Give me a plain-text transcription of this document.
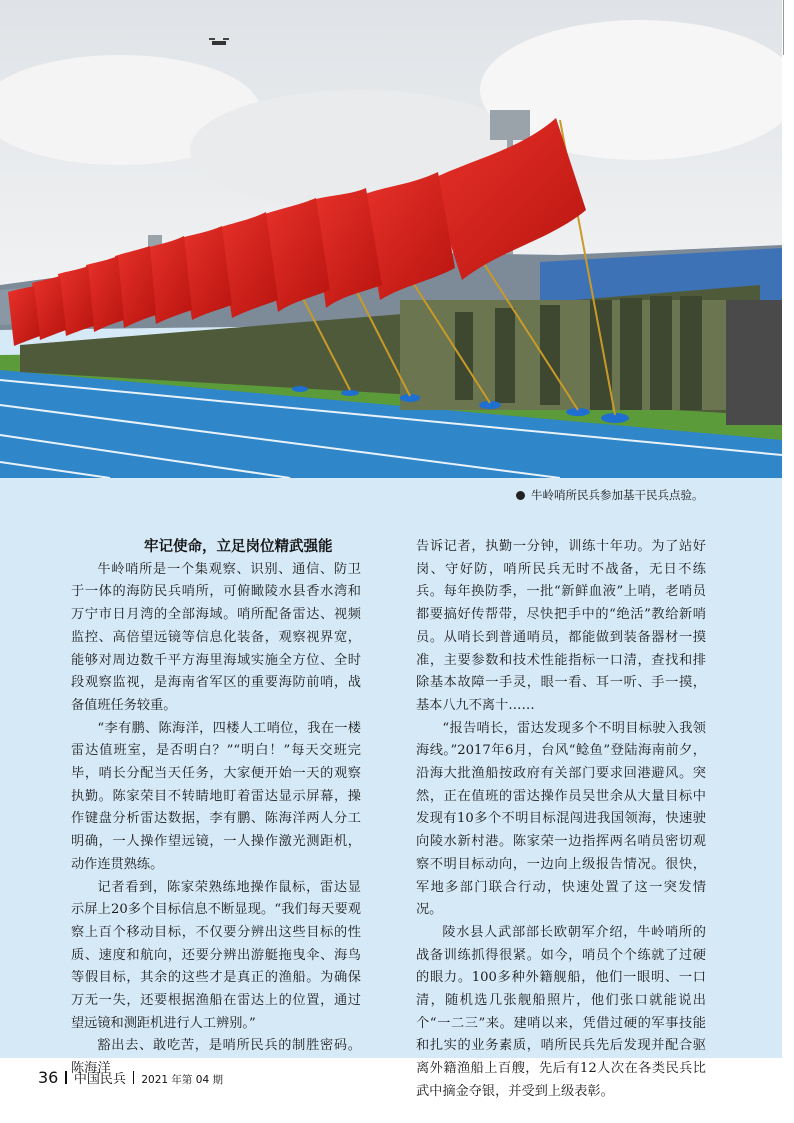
牛岭哨所民兵参加基干民兵点验。

牢记使命，立足岗位精武强能

牛岭哨所是一个集观察、识别、通信、防卫于一体的海防民兵哨所，可俯瞰陵水县香水湾和万宁市日月湾的全部海域。哨所配备雷达、视频监控、高倍望远镜等信息化装备，观察视界宽，能够对周边数千平方海里海域实施全方位、全时段观察监视，是海南省军区的重要海防前哨，战备值班任务较重。

“李有鹏、陈海洋，四楼人工哨位，我在一楼雷达值班室，是否明白？”“明白！”每天交班完毕，哨长分配当天任务，大家便开始一天的观察执勤。陈家荣目不转睛地盯着雷达显示屏幕，操作键盘分析雷达数据，李有鹏、陈海洋两人分工明确，一人操作望远镜，一人操作激光测距机，动作连贯熟练。

记者看到，陈家荣熟练地操作鼠标，雷达显示屏上20多个目标信息不断显现。“我们每天要观察上百个移动目标，不仅要分辨出这些目标的性质、速度和航向，还要分辨出游艇拖曳伞、海鸟等假目标，其余的这些才是真正的渔船。为确保万无一失，还要根据渔船在雷达上的位置，通过望远镜和测距机进行人工辨别。”

豁出去、敢吃苦，是哨所民兵的制胜密码。陈海洋

告诉记者，执勤一分钟，训练十年功。为了站好岗、守好防，哨所民兵无时不战备，无日不练兵。每年换防季，一批“新鲜血液”上哨，老哨员都要搞好传帮带，尽快把手中的“绝活”教给新哨员。从哨长到普通哨员，都能做到装备器材一摸准，主要参数和技术性能指标一口清，查找和排除基本故障一手灵，眼一看、耳一听、手一摸，基本八九不离十……

“报告哨长，雷达发现多个不明目标驶入我领海线。”2017年6月，台风“鲶鱼”登陆海南前夕，沿海大批渔船按政府有关部门要求回港避风。突然，正在值班的雷达操作员吴世余从大量目标中发现有10多个不明目标混闯进我国领海，快速驶向陵水新村港。陈家荣一边指挥两名哨员密切观察不明目标动向，一边向上级报告情况。很快，军地多部门联合行动，快速处置了这一突发情况。

陵水县人武部部长欧朝军介绍，牛岭哨所的战备训练抓得很紧。如今，哨员个个练就了过硬的眼力。100多种外籍舰船，他们一眼明、一口清，随机选几张舰船照片，他们张口就能说出个“一二三”来。建哨以来，凭借过硬的军事技能和扎实的业务素质，哨所民兵先后发现并配合驱离外籍渔船上百艘，先后有12人次在各类民兵比武中摘金夺银，并受到上级表彰。

36 中国民兵 2021 年第 04 期
